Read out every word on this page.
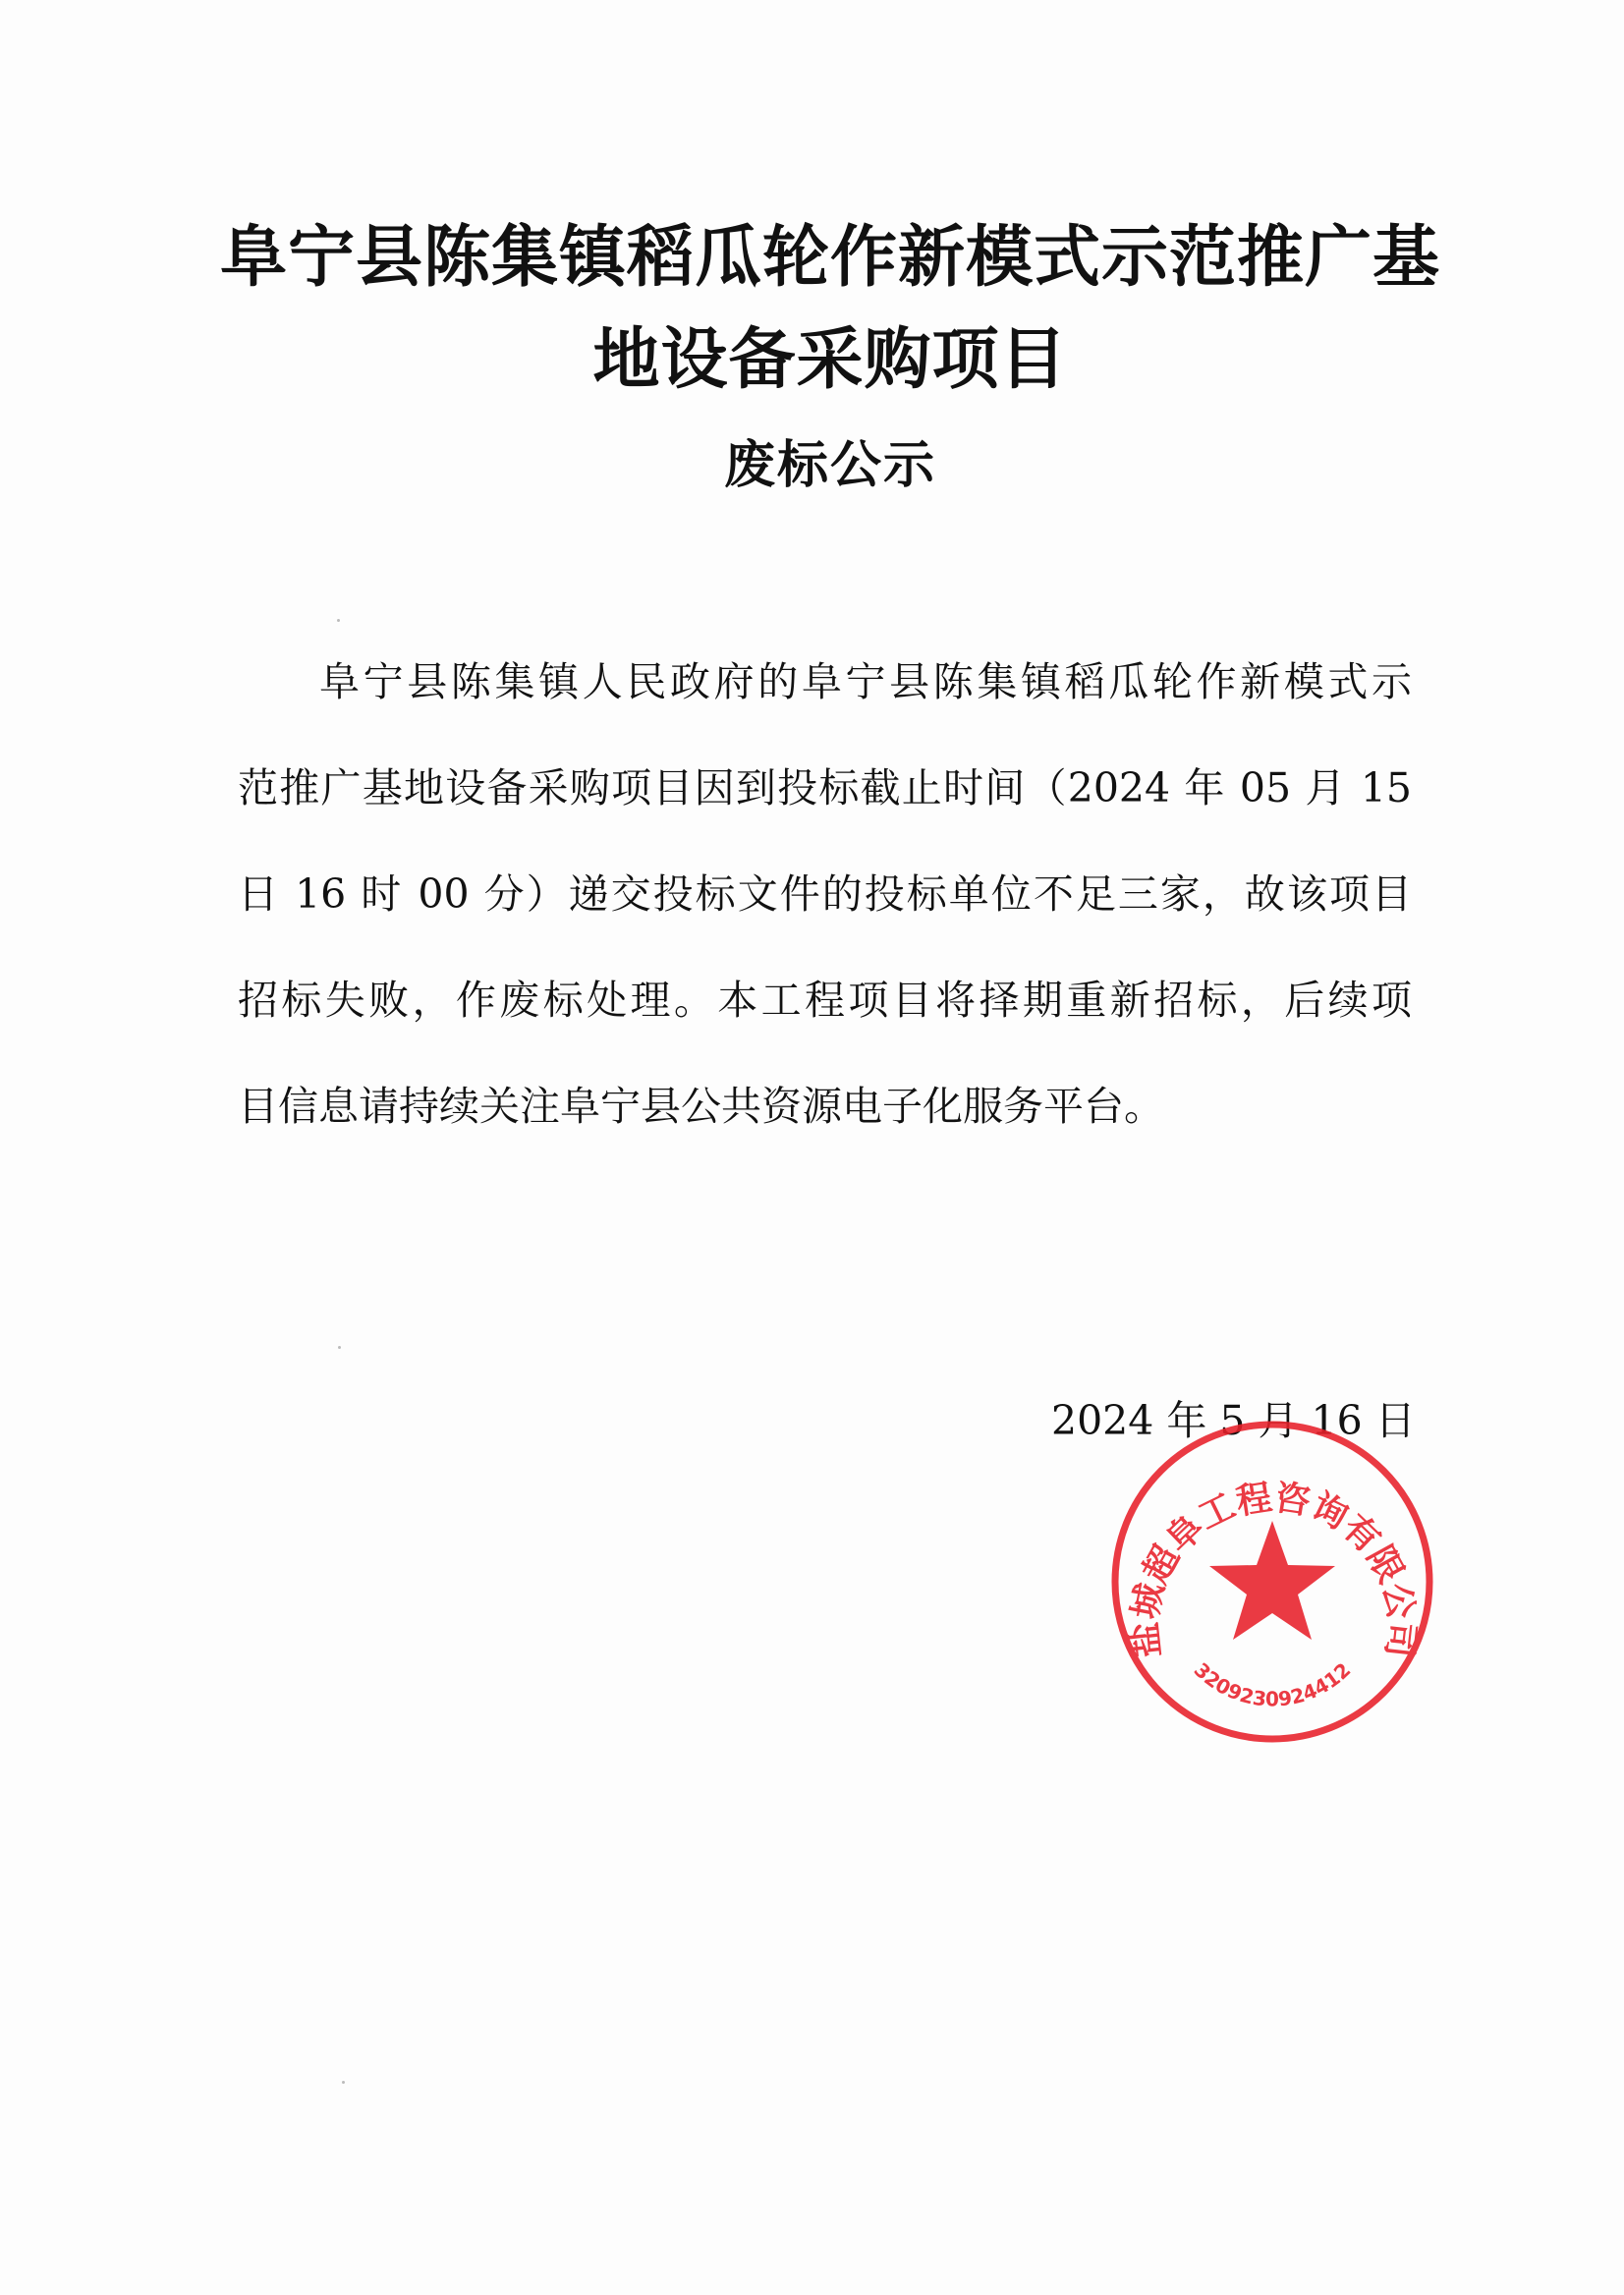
阜宁县陈集镇稻瓜轮作新模式示范推广基
地设备采购项目
废标公示
阜宁县陈集镇人民政府的阜宁县陈集镇稻瓜轮作新模式示
范推广基地设备采购项目因到投标截止时间（2024 年 05 月 15
日 16 时 00 分）递交投标文件的投标单位不足三家，故该项目
招标失败，作废标处理。本工程项目将择期重新招标，后续项
目信息请持续关注阜宁县公共资源电子化服务平台。
2024 年 5 月 16 日
盐城超阜工程咨询有限公司
3209230924412
